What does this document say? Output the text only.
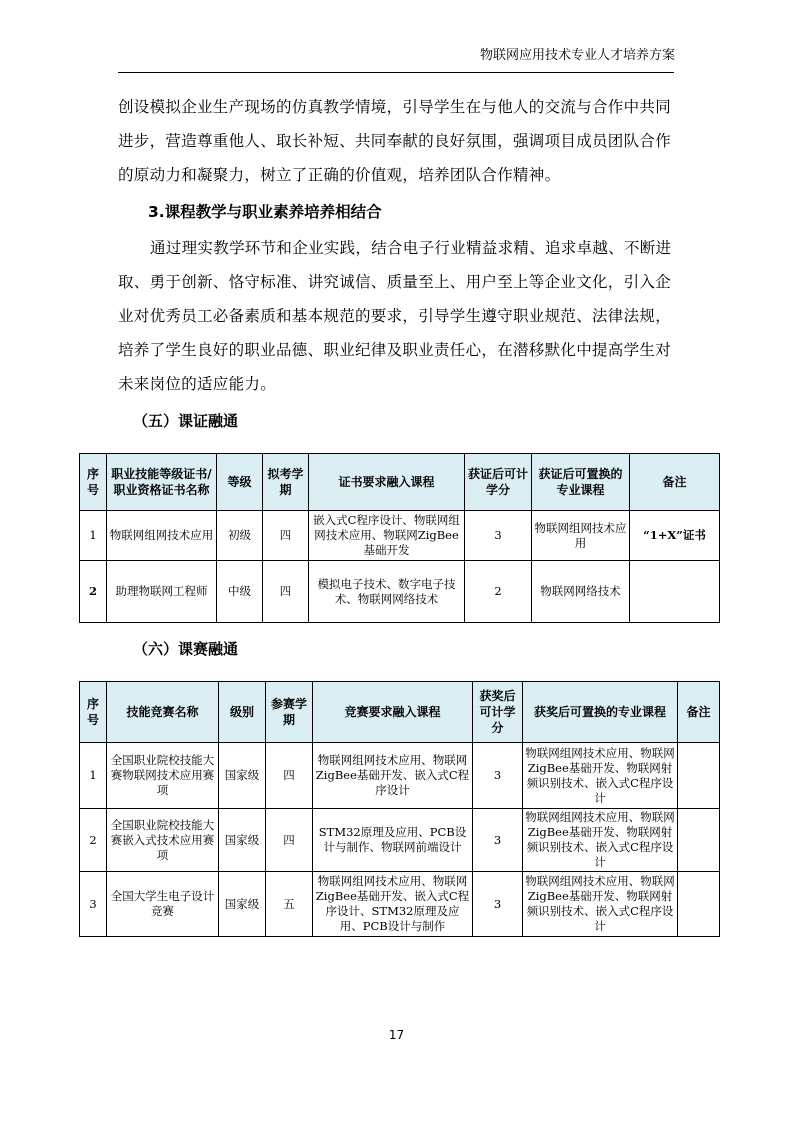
物联网应用技术专业人才培养方案
创设模拟企业生产现场的仿真教学情境，引导学生在与他人的交流与合作中共同进步，营造尊重他人、取长补短、共同奉献的良好氛围，强调项目成员团队合作的原动力和凝聚力，树立了正确的价值观，培养团队合作精神。
3.课程教学与职业素养培养相结合
通过理实教学环节和企业实践，结合电子行业精益求精、追求卓越、不断进取、勇于创新、恪守标准、讲究诚信、质量至上、用户至上等企业文化，引入企业对优秀员工必备素质和基本规范的要求，引导学生遵守职业规范、法律法规，培养了学生良好的职业品德、职业纪律及职业责任心，在潜移默化中提高学生对未来岗位的适应能力。
（五）课证融通
序号	职业技能等级证书/职业资格证书名称	等级	拟考学期	证书要求融入课程	获证后可计学分	获证后可置换的专业课程	备注
1	物联网组网技术应用	初级	四	嵌入式C程序设计、物联网组网技术应用、物联网ZigBee基础开发	3	物联网组网技术应用	“1+X”证书
2	助理物联网工程师	中级	四	模拟电子技术、数字电子技术、物联网网络技术	2	物联网网络技术	
（六）课赛融通
序号	技能竞赛名称	级别	参赛学期	竞赛要求融入课程	获奖后可计学分	获奖后可置换的专业课程	备注
1	全国职业院校技能大赛物联网技术应用赛项	国家级	四	物联网组网技术应用、物联网ZigBee基础开发、嵌入式C程序设计	3	物联网组网技术应用、物联网ZigBee基础开发、物联网射频识别技术、嵌入式C程序设计	
2	全国职业院校技能大赛嵌入式技术应用赛项	国家级	四	STM32原理及应用、PCB设计与制作、物联网前端设计	3	物联网组网技术应用、物联网ZigBee基础开发、物联网射频识别技术、嵌入式C程序设计	
3	全国大学生电子设计竞赛	国家级	五	物联网组网技术应用、物联网ZigBee基础开发、嵌入式C程序设计、STM32原理及应用、PCB设计与制作	3	物联网组网技术应用、物联网ZigBee基础开发、物联网射频识别技术、嵌入式C程序设计	
17
